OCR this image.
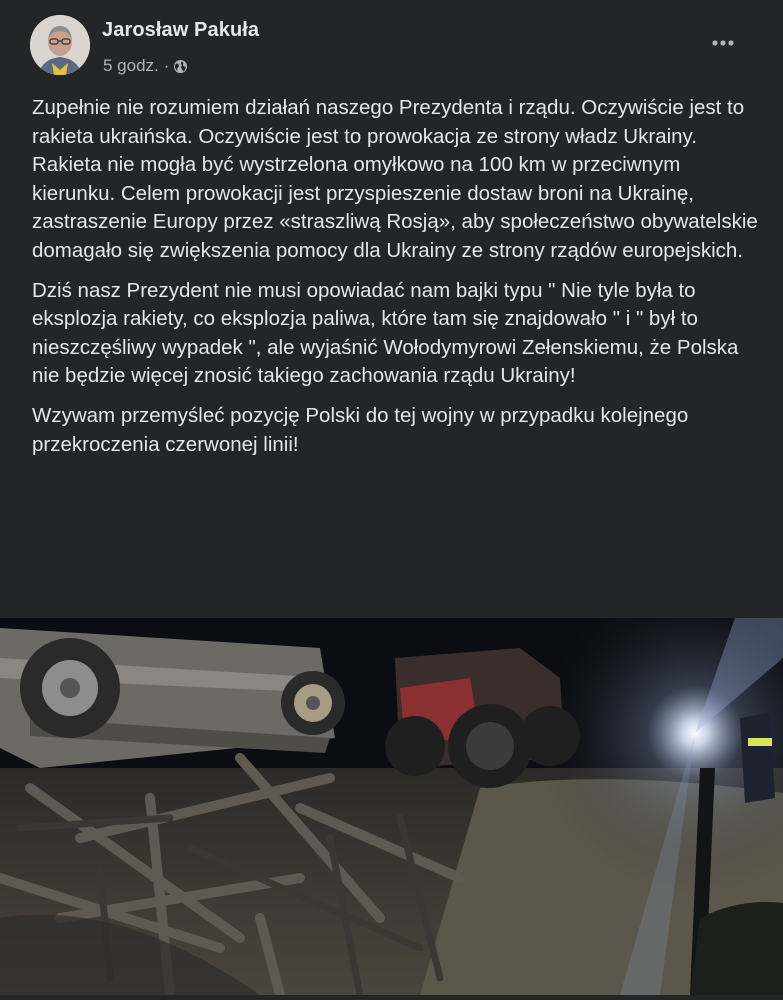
Jarosław Pakuła
5 godz. ·

Zupełnie nie rozumiem działań naszego Prezydenta i rządu. Oczywiście jest to rakieta ukraińska. Oczywiście jest to prowokacja ze strony władz Ukrainy. Rakieta nie mogła być wystrzelona omyłkowo na 100 km w przeciwnym kierunku. Celem prowokacji jest przyspieszenie dostaw broni na Ukrainę, zastraszenie Europy przez «straszliwą Rosją», aby społeczeństwo obywatelskie domagało się zwiększenia pomocy dla Ukrainy ze strony rządów europejskich.

Dziś nasz Prezydent nie musi opowiadać nam bajki typu " Nie tyle była to eksplozja rakiety, co eksplozja paliwa, które tam się znajdowało " i " był to nieszczęśliwy wypadek ", ale wyjaśnić Wołodymyrowi Zełenskiemu, że Polska nie będzie więcej znosić takiego zachowania rządu Ukrainy!

Wzywam przemyśleć pozycję Polski do tej wojny w przypadku kolejnego przekroczenia czerwonej linii!
